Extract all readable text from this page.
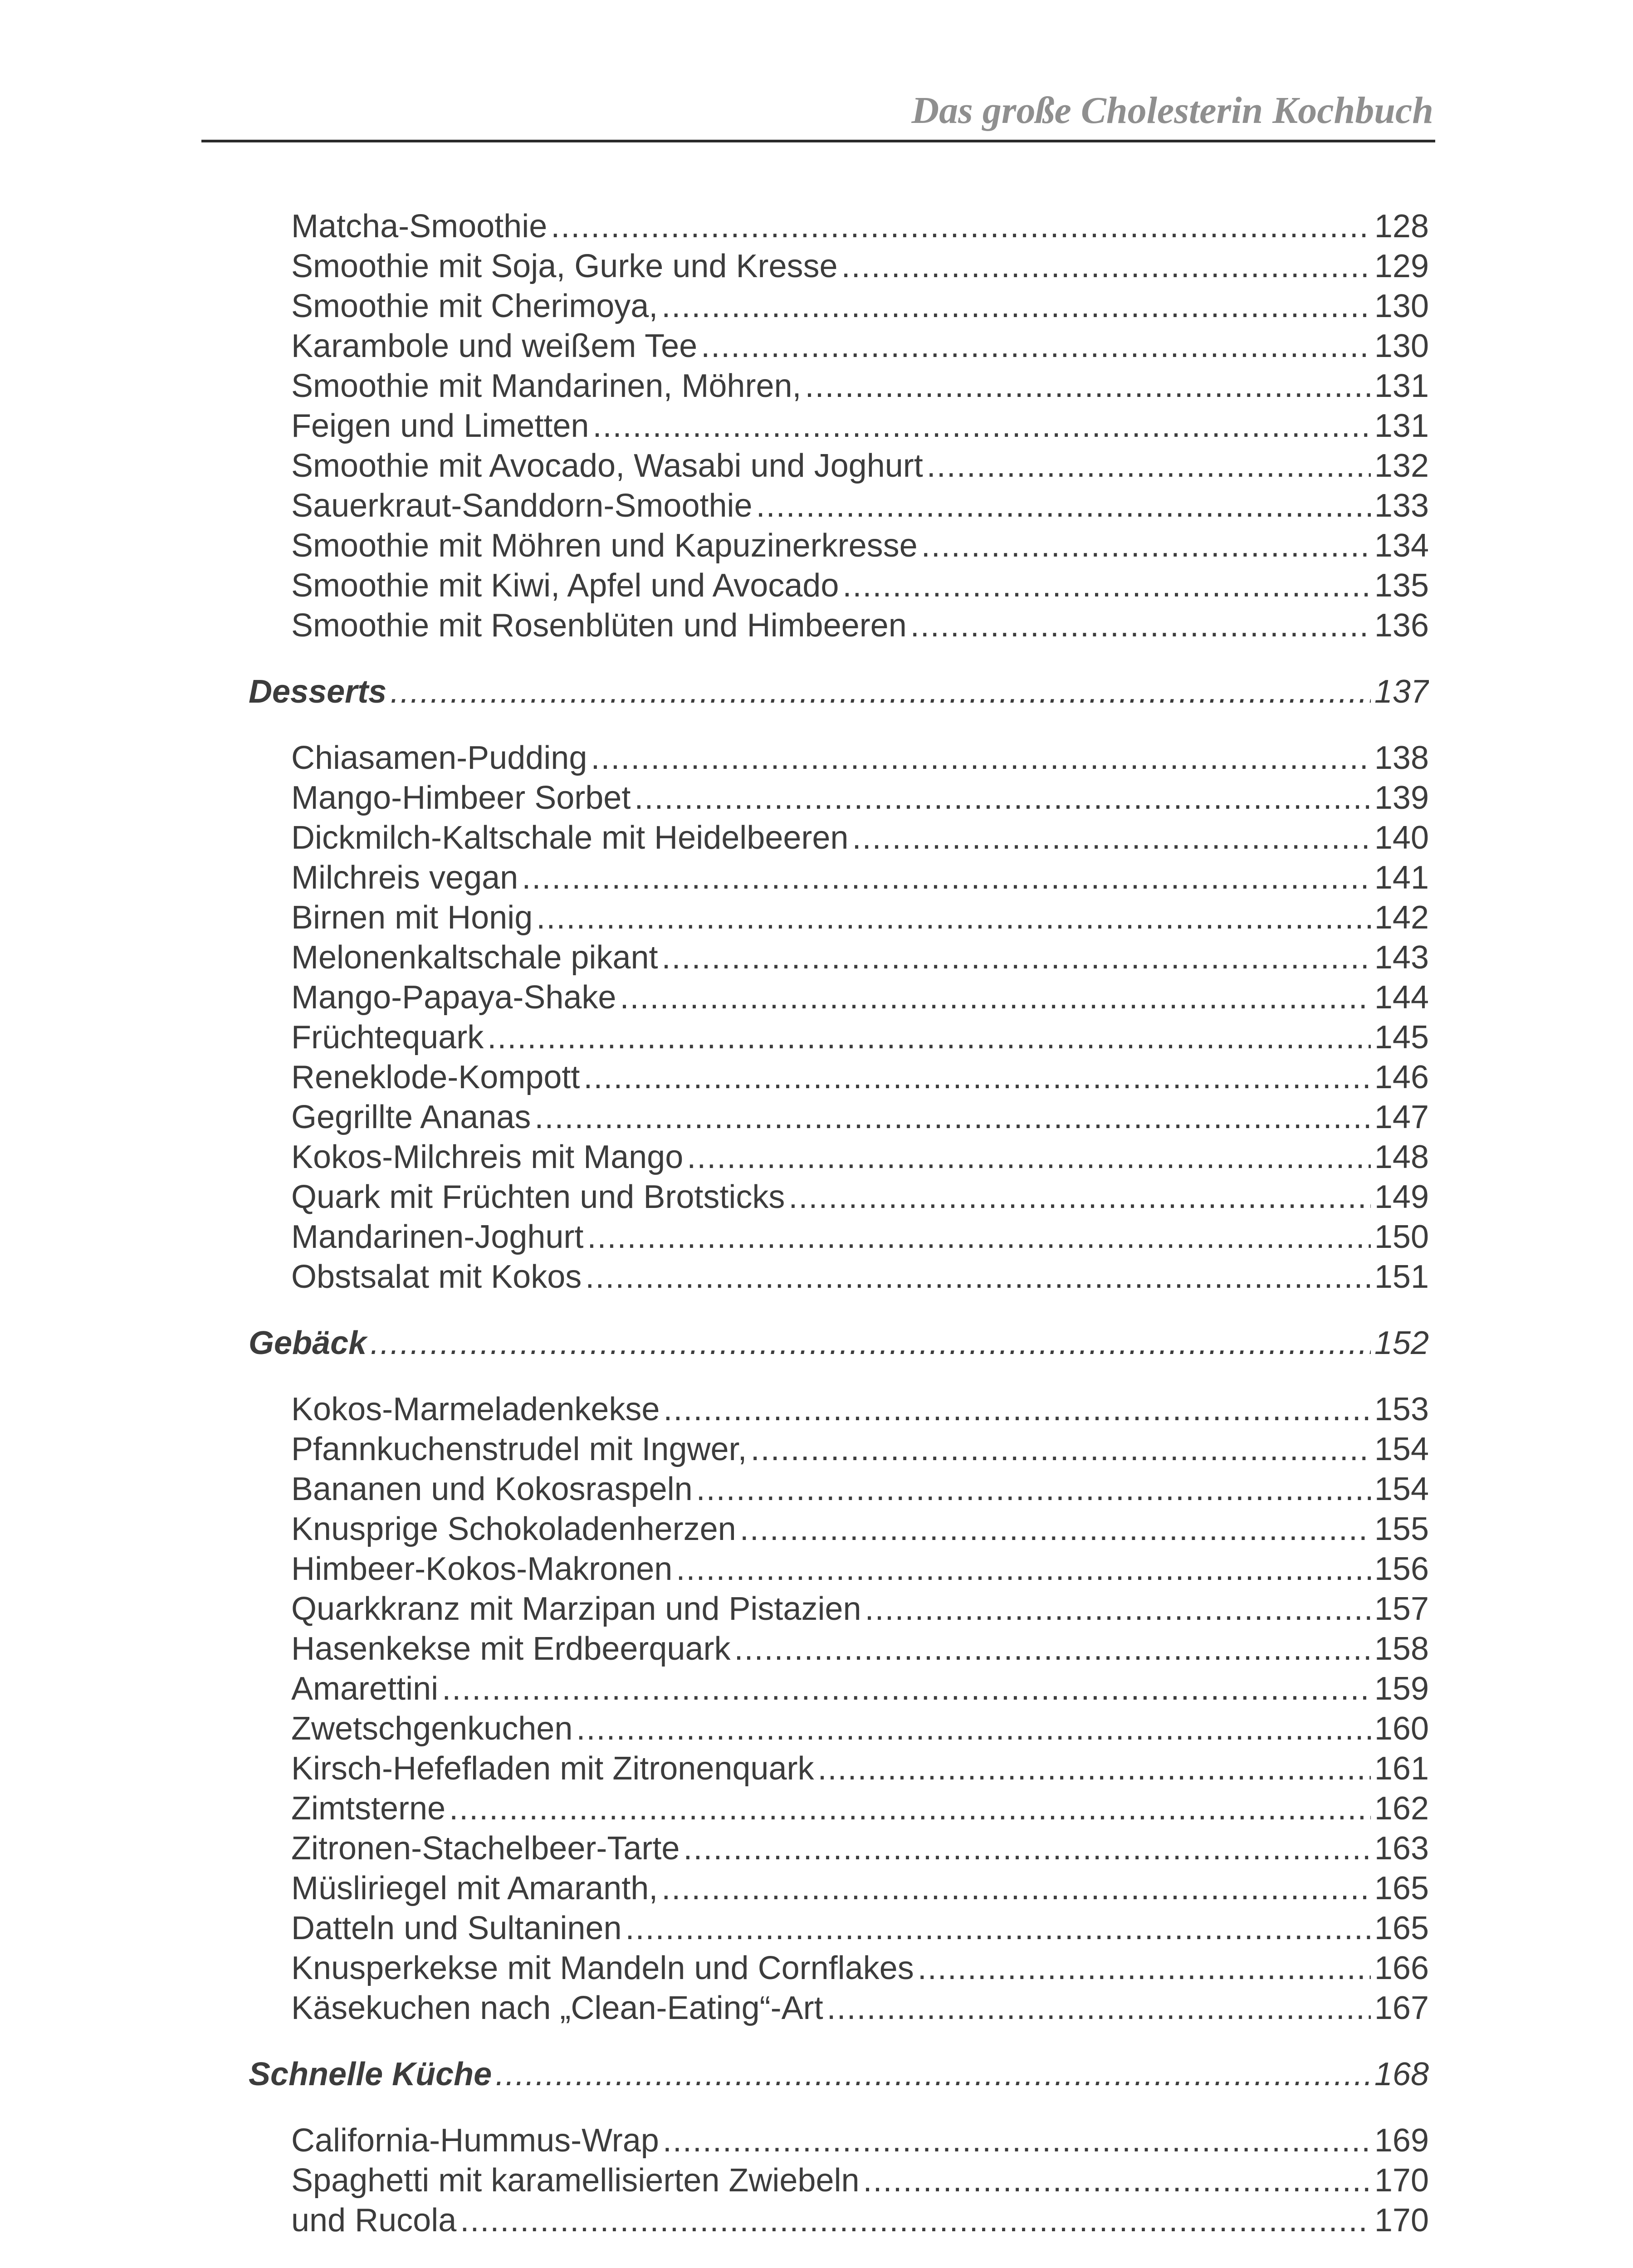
Das große Cholesterin Kochbuch
Matcha-Smoothie .....	128
Smoothie mit Soja, Gurke und Kresse .....	129
Smoothie mit Cherimoya, .....	130
Karambole und weißem Tee .....	130
Smoothie mit Mandarinen, Möhren, .....	131
Feigen und Limetten .....	131
Smoothie mit Avocado, Wasabi und Joghurt .....	132
Sauerkraut-Sanddorn-Smoothie .....	133
Smoothie mit Möhren und Kapuzinerkresse .....	134
Smoothie mit Kiwi, Apfel und Avocado .....	135
Smoothie mit Rosenblüten und Himbeeren .....	136
Desserts .....	137
Chiasamen-Pudding .....	138
Mango-Himbeer Sorbet .....	139
Dickmilch-Kaltschale mit Heidelbeeren .....	140
Milchreis vegan .....	141
Birnen mit Honig .....	142
Melonenkaltschale pikant .....	143
Mango-Papaya-Shake .....	144
Früchtequark .....	145
Reneklode-Kompott .....	146
Gegrillte Ananas .....	147
Kokos-Milchreis mit Mango .....	148
Quark mit Früchten und Brotsticks .....	149
Mandarinen-Joghurt .....	150
Obstsalat mit Kokos .....	151
Gebäck .....	152
Kokos-Marmeladenkekse .....	153
Pfannkuchenstrudel mit Ingwer, .....	154
Bananen und Kokosraspeln .....	154
Knusprige Schokoladenherzen .....	155
Himbeer-Kokos-Makronen .....	156
Quarkkranz mit Marzipan und Pistazien .....	157
Hasenkekse mit Erdbeerquark .....	158
Amarettini .....	159
Zwetschgenkuchen .....	160
Kirsch-Hefefladen mit Zitronenquark .....	161
Zimtsterne .....	162
Zitronen-Stachelbeer-Tarte .....	163
Müsliriegel mit Amaranth, .....	165
Datteln und Sultaninen .....	165
Knusperkekse mit Mandeln und Cornflakes .....	166
Käsekuchen nach „Clean-Eating“-Art .....	167
Schnelle Küche .....	168
California-Hummus-Wrap .....	169
Spaghetti mit karamellisierten Zwiebeln .....	170
und Rucola .....	170
